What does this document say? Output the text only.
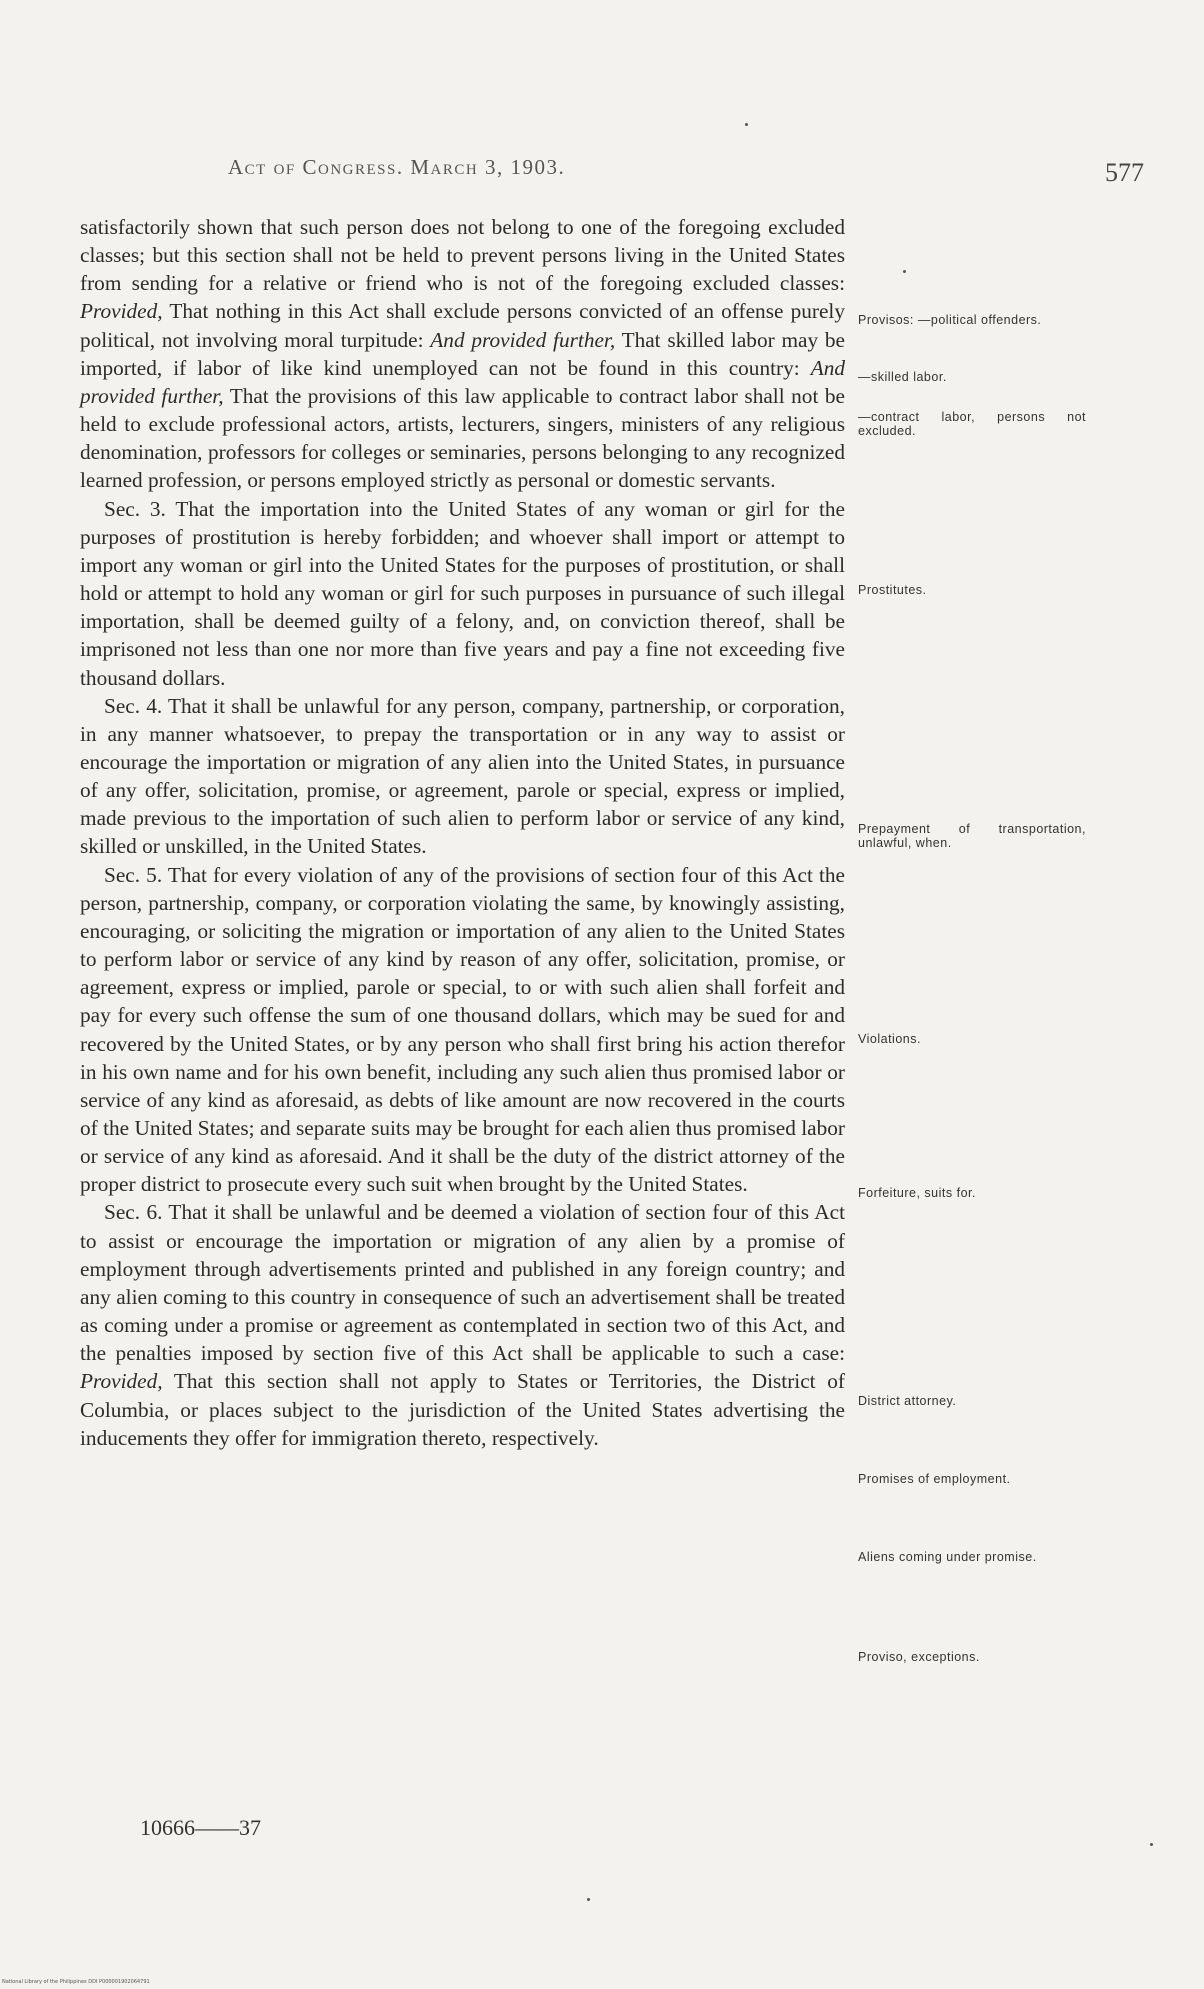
Act of Congress. March 3, 1903.	577

satisfactorily shown that such person does not belong to one of the foregoing excluded classes; but this section shall not be held to prevent persons living in the United States from sending for a relative or friend who is not of the foregoing excluded classes: Provided, That nothing in this Act shall exclude persons convicted of an offense purely political, not involving moral turpitude: And provided further, That skilled labor may be imported, if labor of like kind unemployed can not be found in this country: And provided further, That the provisions of this law applicable to contract labor shall not be held to exclude professional actors, artists, lecturers, singers, ministers of any religious denomination, professors for colleges or seminaries, persons belonging to any recognized learned profession, or persons employed strictly as personal or domestic servants.

Sec. 3. That the importation into the United States of any woman or girl for the purposes of prostitution is hereby forbidden; and whoever shall import or attempt to import any woman or girl into the United States for the purposes of prostitution, or shall hold or attempt to hold any woman or girl for such purposes in pursuance of such illegal importation, shall be deemed guilty of a felony, and, on conviction thereof, shall be imprisoned not less than one nor more than five years and pay a fine not exceeding five thousand dollars.

Sec. 4. That it shall be unlawful for any person, company, partnership, or corporation, in any manner whatsoever, to prepay the transportation or in any way to assist or encourage the importation or migration of any alien into the United States, in pursuance of any offer, solicitation, promise, or agreement, parole or special, express or implied, made previous to the importation of such alien to perform labor or service of any kind, skilled or unskilled, in the United States.

Sec. 5. That for every violation of any of the provisions of section four of this Act the person, partnership, company, or corporation violating the same, by knowingly assisting, encouraging, or soliciting the migration or importation of any alien to the United States to perform labor or service of any kind by reason of any offer, solicitation, promise, or agreement, express or implied, parole or special, to or with such alien shall forfeit and pay for every such offense the sum of one thousand dollars, which may be sued for and recovered by the United States, or by any person who shall first bring his action therefor in his own name and for his own benefit, including any such alien thus promised labor or service of any kind as aforesaid, as debts of like amount are now recovered in the courts of the United States; and separate suits may be brought for each alien thus promised labor or service of any kind as aforesaid. And it shall be the duty of the district attorney of the proper district to prosecute every such suit when brought by the United States.

Sec. 6. That it shall be unlawful and be deemed a violation of section four of this Act to assist or encourage the importation or migration of any alien by a promise of employment through advertisements printed and published in any foreign country; and any alien coming to this country in consequence of such an advertisement shall be treated as coming under a promise or agreement as contemplated in section two of this Act, and the penalties imposed by section five of this Act shall be applicable to such a case: Provided, That this section shall not apply to States or Territories, the District of Columbia, or places subject to the jurisdiction of the United States advertising the inducements they offer for immigration thereto, respectively.

Provisos: —political offenders.
—skilled labor.
—contract labor, persons not excluded.
Prostitutes.
Prepayment of transportation, unlawful, when.
Violations.
Forfeiture, suits for.
District attorney.
Promises of employment.
Aliens coming under promise.
Proviso, exceptions.
10666——37
National Library of the Philippines DDI P000001902064791
